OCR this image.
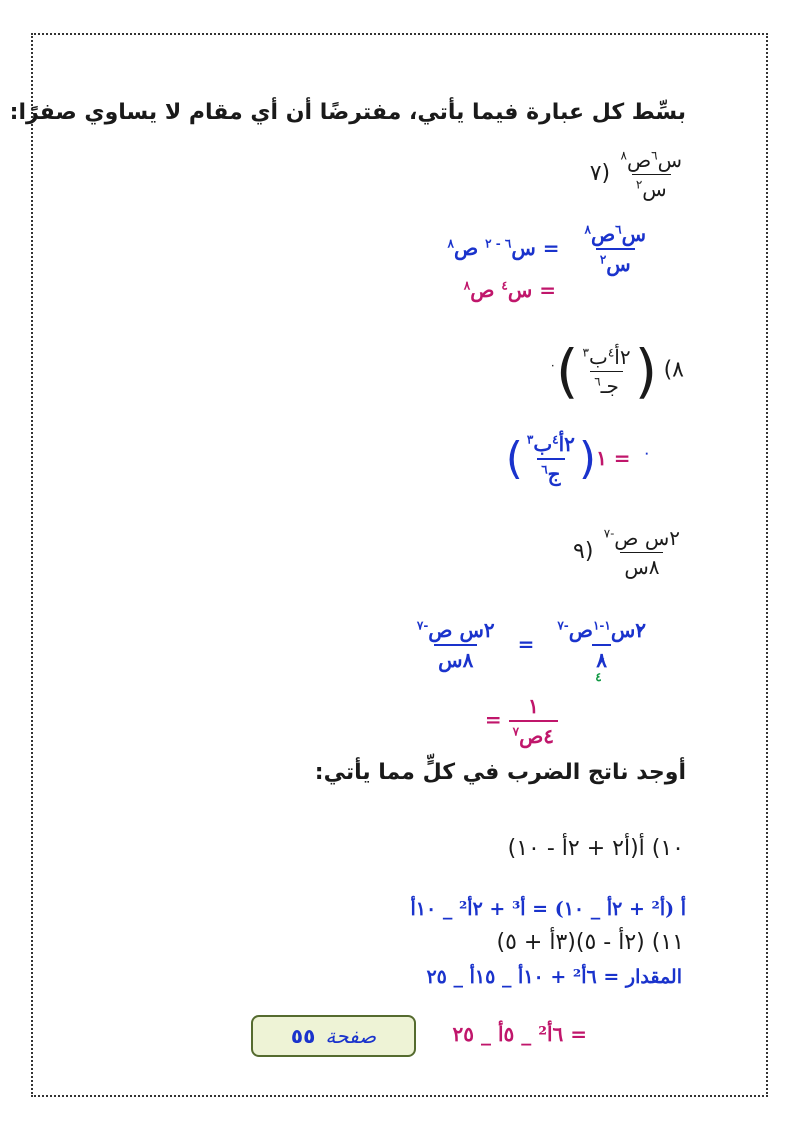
بسِّط كل عبارة فيما يأتي، مفترضًا أن أي مقام لا يساوي صفرًا:
٧) $\frac{س^٦ص^٨}{س^٢}$
$\frac{س^٦ص^٨}{س^٢}$
= س$^{٦ - ٢}$ ص$^٨$
= س$^٤$ ص$^٨$
٨) (
$\frac{٢أ^٤ب^٣}{جـ^٦}$
)$^٠$
( $\frac{٢أ^٤ب^٣}{ج^٦}$ )	$^٠$ = ١
٩) $\frac{٢س ص^{-٧}}{\text{٨س}}$
$\frac{٢س ص^{-٧}}{\text{٨س}}$ = ٢س$^{١-١}$ص$^{-٧}$
٨
٤
= $\frac{١}{٤ص^٧}$
أوجد ناتج الضرب في كلٍّ مما يأتي:
١٠) أ(أ٢ + ٢أ - ١٠)
أ (أ² + ٢أ _ ١٠) = أ³ + ٢أ² _ ١٠أ
١١) (٢أ - ٥)(٣أ + ٥)
المقدار = ٦أ² + ١٠أ _ ١٥أ _ ٢٥
= ٦أ² _ ٥أ _ ٢٥
صفحة
٥٥
